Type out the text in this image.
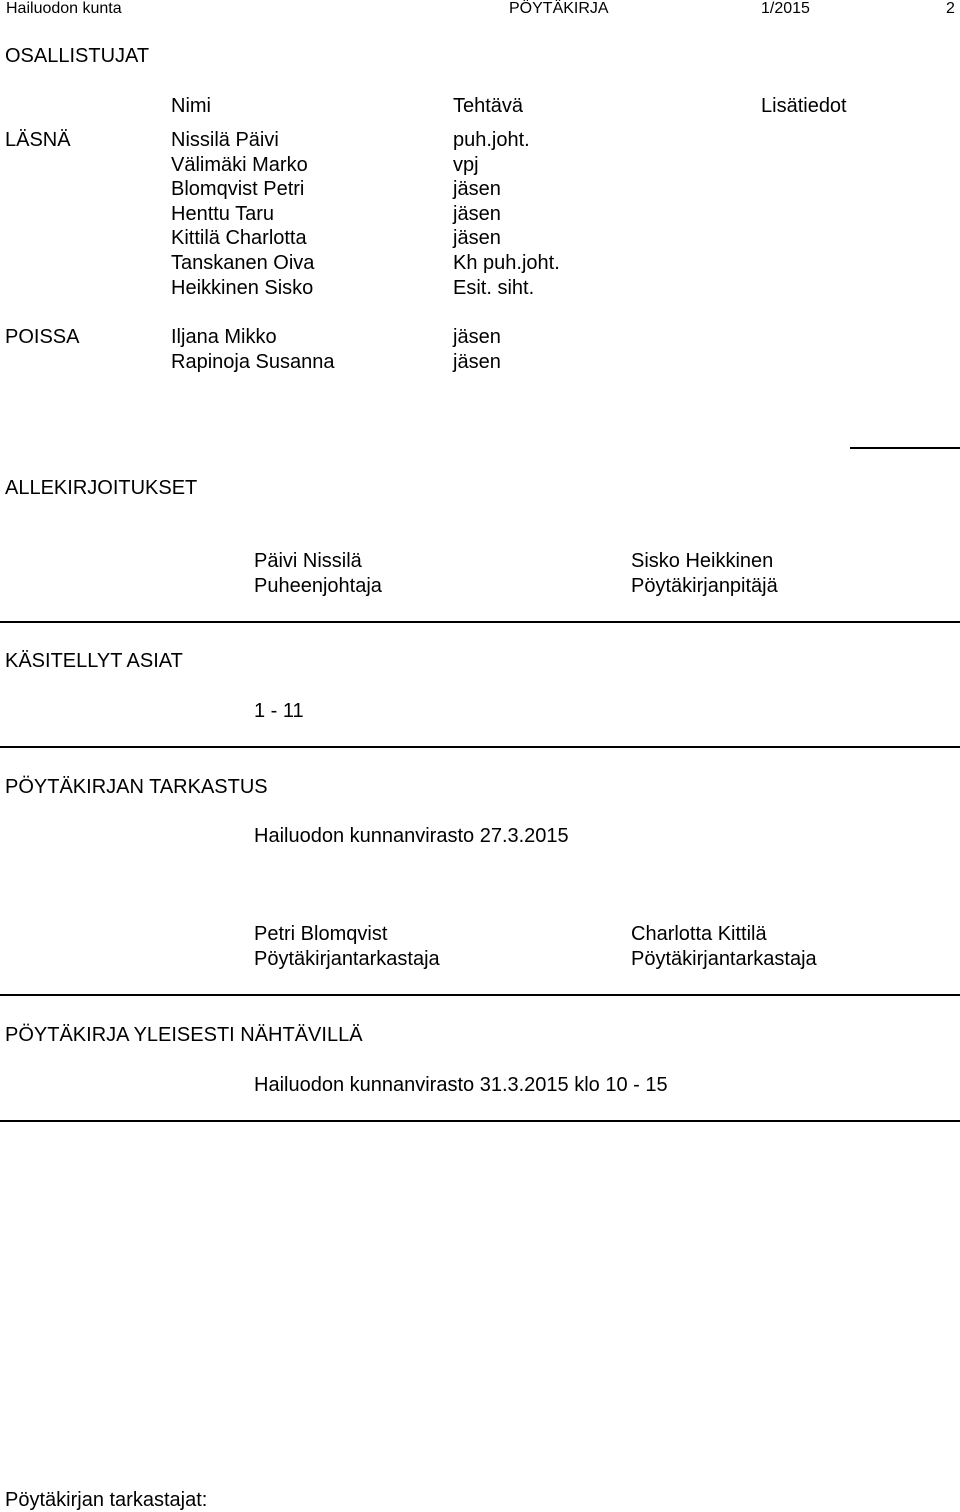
Hailuodon kunta	PÖYTÄKIRJA	1/2015	2
OSALLISTUJAT
Nimi	Tehtävä	Lisätiedot
LÄSNÄ	Nissilä Päivi	puh.joht.
Välimäki Marko	vpj
Blomqvist Petri	jäsen
Henttu Taru	jäsen
Kittilä Charlotta	jäsen
Tanskanen Oiva	Kh puh.joht.
Heikkinen Sisko	Esit. siht.
POISSA	Iljana Mikko	jäsen
Rapinoja Susanna	jäsen
ALLEKIRJOITUKSET
Päivi Nissilä
Puheenjohtaja
Sisko Heikkinen
Pöytäkirjanpitäjä
KÄSITELLYT ASIAT
1 - 11
PÖYTÄKIRJAN TARKASTUS
Hailuodon kunnanvirasto 27.3.2015
Petri Blomqvist
Pöytäkirjantarkastaja
Charlotta Kittilä
Pöytäkirjantarkastaja
PÖYTÄKIRJA YLEISESTI NÄHTÄVILLÄ
Hailuodon kunnanvirasto 31.3.2015 klo 10 - 15
Pöytäkirjan tarkastajat:
